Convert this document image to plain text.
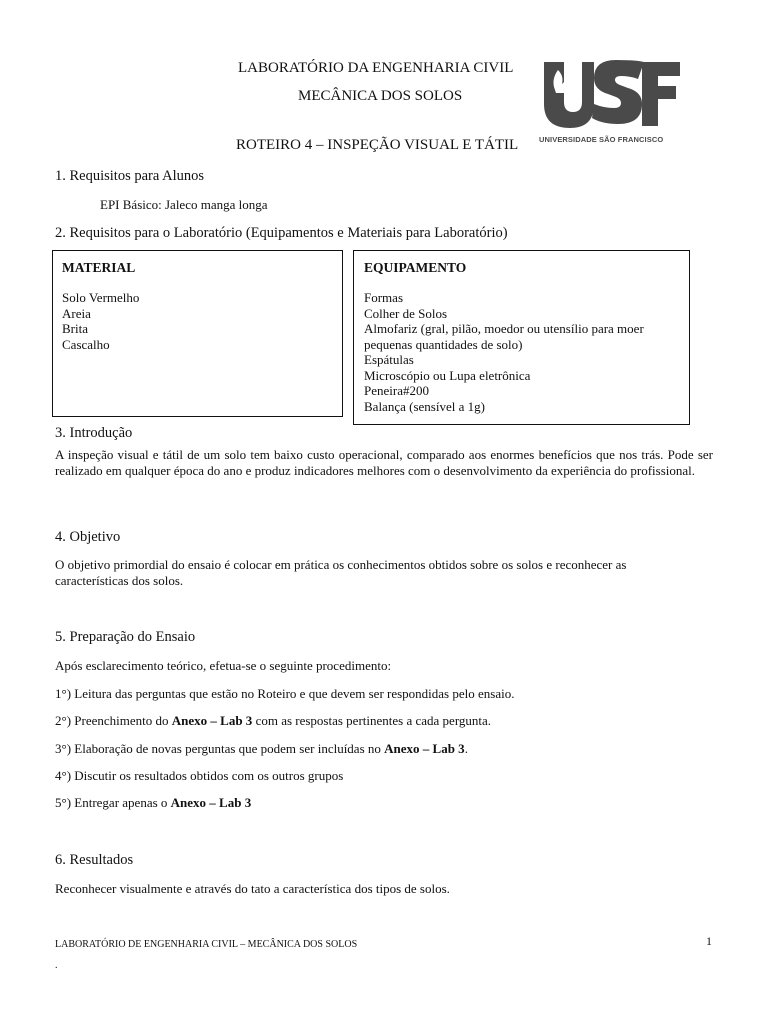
LABORATÓRIO DA ENGENHARIA CIVIL
MECÂNICA DOS SOLOS
ROTEIRO 4 – INSPEÇÃO VISUAL E TÁTIL	UNIVERSIDADE SÃO FRANCISCO
1. Requisitos para Alunos
EPI Básico: Jaleco manga longa
2. Requisitos para o Laboratório (Equipamentos e Materiais para Laboratório)
MATERIAL
Solo Vermelho
Areia
Brita
Cascalho
EQUIPAMENTO
Formas
Colher de Solos
Almofariz (gral, pilão, moedor ou utensílio para moer
pequenas quantidades de solo)
Espátulas
Microscópio ou Lupa eletrônica
Peneira#200
Balança (sensível a 1g)
3. Introdução
A inspeção visual e tátil de um solo tem baixo custo operacional, comparado aos enormes benefícios que nos trás. Pode ser realizado em qualquer época do ano e produz indicadores melhores com o desenvolvimento da experiência do profissional.
4. Objetivo
O objetivo primordial do ensaio é colocar em prática os conhecimentos obtidos sobre os solos e reconhecer as características dos solos.
5. Preparação do Ensaio
Após esclarecimento teórico, efetua-se o seguinte procedimento:
1°) Leitura das perguntas que estão no Roteiro e que devem ser respondidas pelo ensaio.
2°) Preenchimento do Anexo – Lab 3 com as respostas pertinentes a cada pergunta.
3°) Elaboração de novas perguntas que podem ser incluídas no Anexo – Lab 3.
4°) Discutir os resultados obtidos com os outros grupos
5°) Entregar apenas o Anexo – Lab 3
6. Resultados
Reconhecer visualmente e através do tato a característica dos tipos de solos.
LABORATÓRIO DE ENGENHARIA CIVIL – MECÂNICA DOS SOLOS	1
.
